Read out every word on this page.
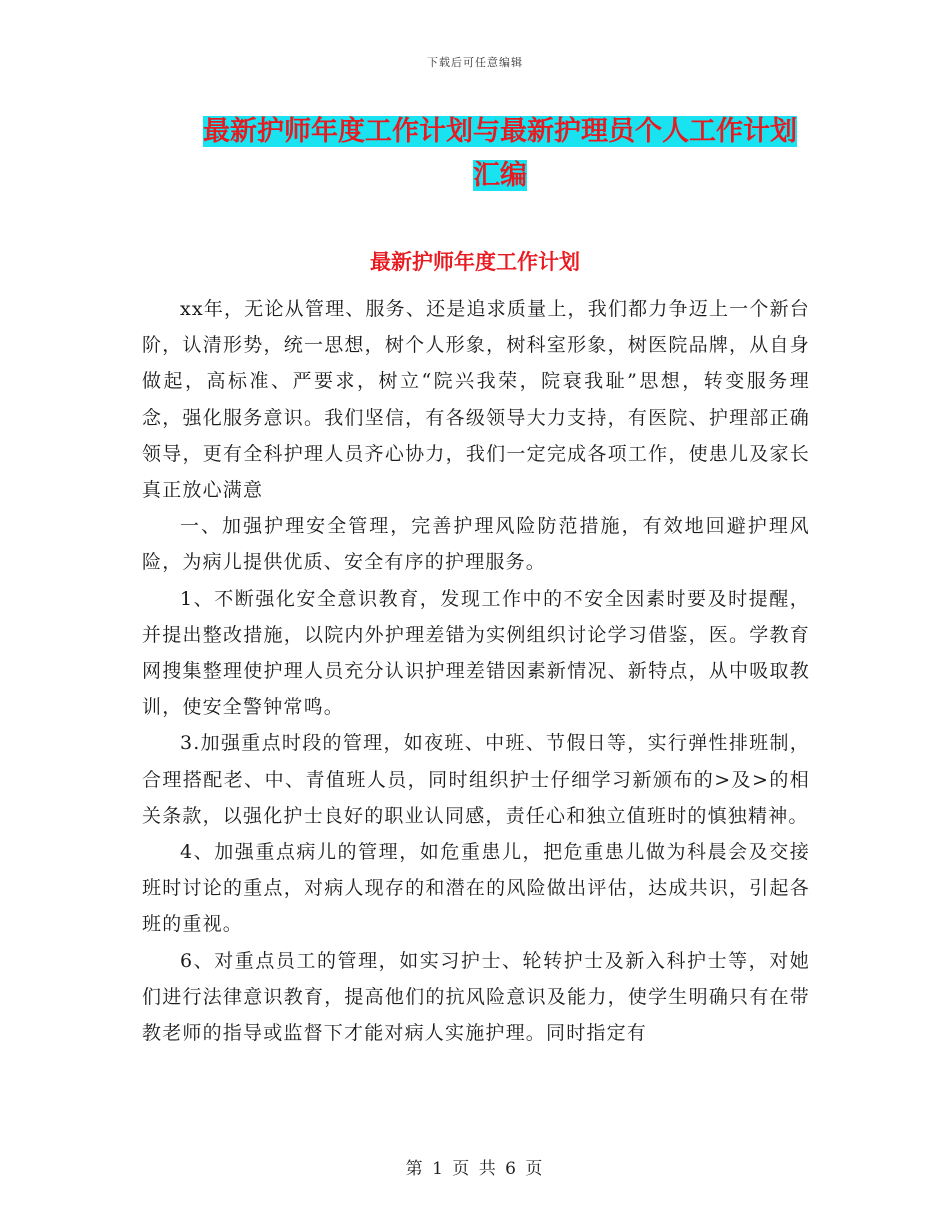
下载后可任意编辑
最新护师年度工作计划与最新护理员个人工作计划汇编
最新护师年度工作计划

xx年，无论从管理、服务、还是追求质量上，我们都力争迈上一个新台阶，认清形势，统一思想，树个人形象，树科室形象，树医院品牌，从自身做起，高标准、严要求，树立“院兴我荣，院衰我耻”思想，转变服务理念，强化服务意识。我们坚信，有各级领导大力支持，有医院、护理部正确领导，更有全科护理人员齐心协力，我们一定完成各项工作，使患儿及家长真正放心满意

一、加强护理安全管理，完善护理风险防范措施，有效地回避护理风险，为病儿提供优质、安全有序的护理服务。

1、不断强化安全意识教育，发现工作中的不安全因素时要及时提醒，并提出整改措施，以院内外护理差错为实例组织讨论学习借鉴，医。学教育网搜集整理使护理人员充分认识护理差错因素新情况、新特点，从中吸取教训，使安全警钟常鸣。

3.加强重点时段的管理，如夜班、中班、节假日等，实行弹性排班制，合理搭配老、中、青值班人员，同时组织护士仔细学习新颁布的>及>的相关条款，以强化护士良好的职业认同感，责任心和独立值班时的慎独精神。

4、加强重点病儿的管理，如危重患儿，把危重患儿做为科晨会及交接班时讨论的重点，对病人现存的和潜在的风险做出评估，达成共识，引起各班的重视。

6、对重点员工的管理，如实习护士、轮转护士及新入科护士等，对她们进行法律意识教育，提高他们的抗风险意识及能力，使学生明确只有在带教老师的指导或监督下才能对病人实施护理。同时指定有

第 1 页 共 6 页
